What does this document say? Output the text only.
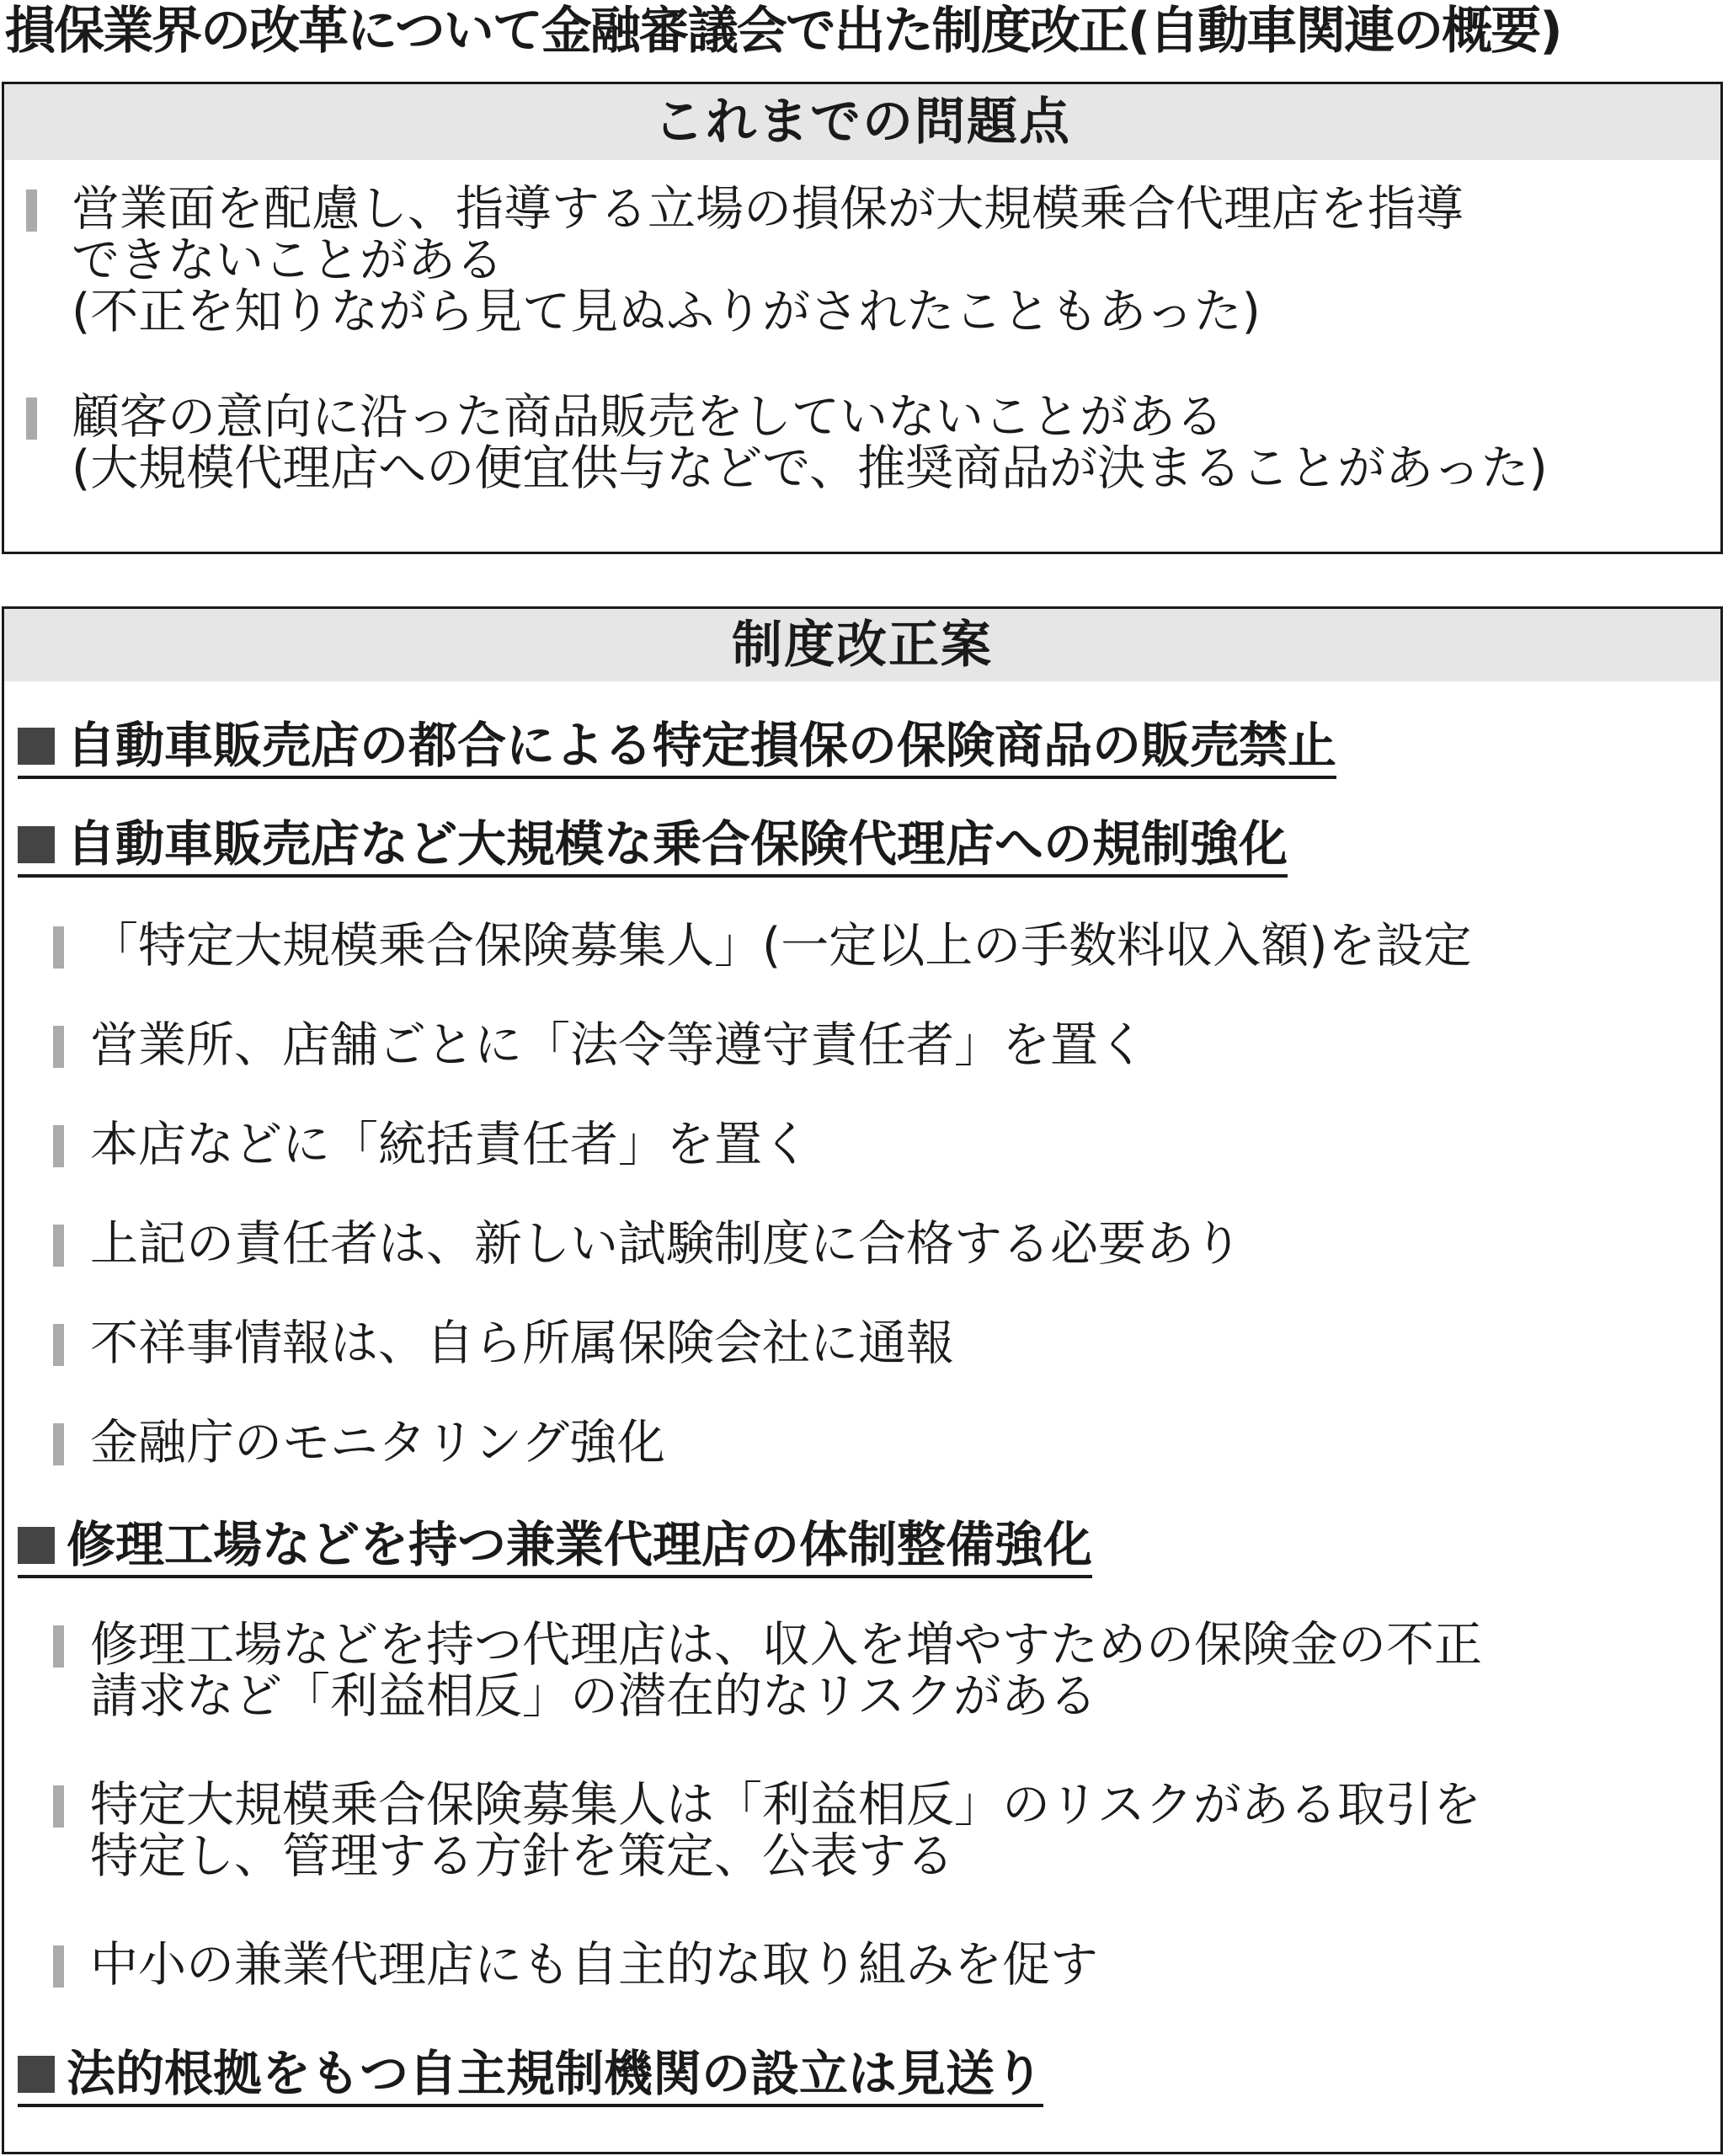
損保業界の改革について金融審議会で出た制度改正(自動車関連の概要)
これまでの問題点
営業面を配慮し、指導する立場の損保が大規模乗合代理店を指導
できないことがある
(不正を知りながら見て見ぬふりがされたこともあった)
顧客の意向に沿った商品販売をしていないことがある
(大規模代理店への便宜供与などで、推奨商品が決まることがあった)
制度改正案
自動車販売店の都合による特定損保の保険商品の販売禁止
自動車販売店など大規模な乗合保険代理店への規制強化
「特定大規模乗合保険募集人」(一定以上の手数料収入額)を設定
営業所、店舗ごとに「法令等遵守責任者」を置く
本店などに「統括責任者」を置く
上記の責任者は、新しい試験制度に合格する必要あり
不祥事情報は、自ら所属保険会社に通報
金融庁のモニタリング強化
修理工場などを持つ兼業代理店の体制整備強化
修理工場などを持つ代理店は、収入を増やすための保険金の不正
請求など「利益相反」の潜在的なリスクがある
特定大規模乗合保険募集人は「利益相反」のリスクがある取引を
特定し、管理する方針を策定、公表する
中小の兼業代理店にも自主的な取り組みを促す
法的根拠をもつ自主規制機関の設立は見送り
